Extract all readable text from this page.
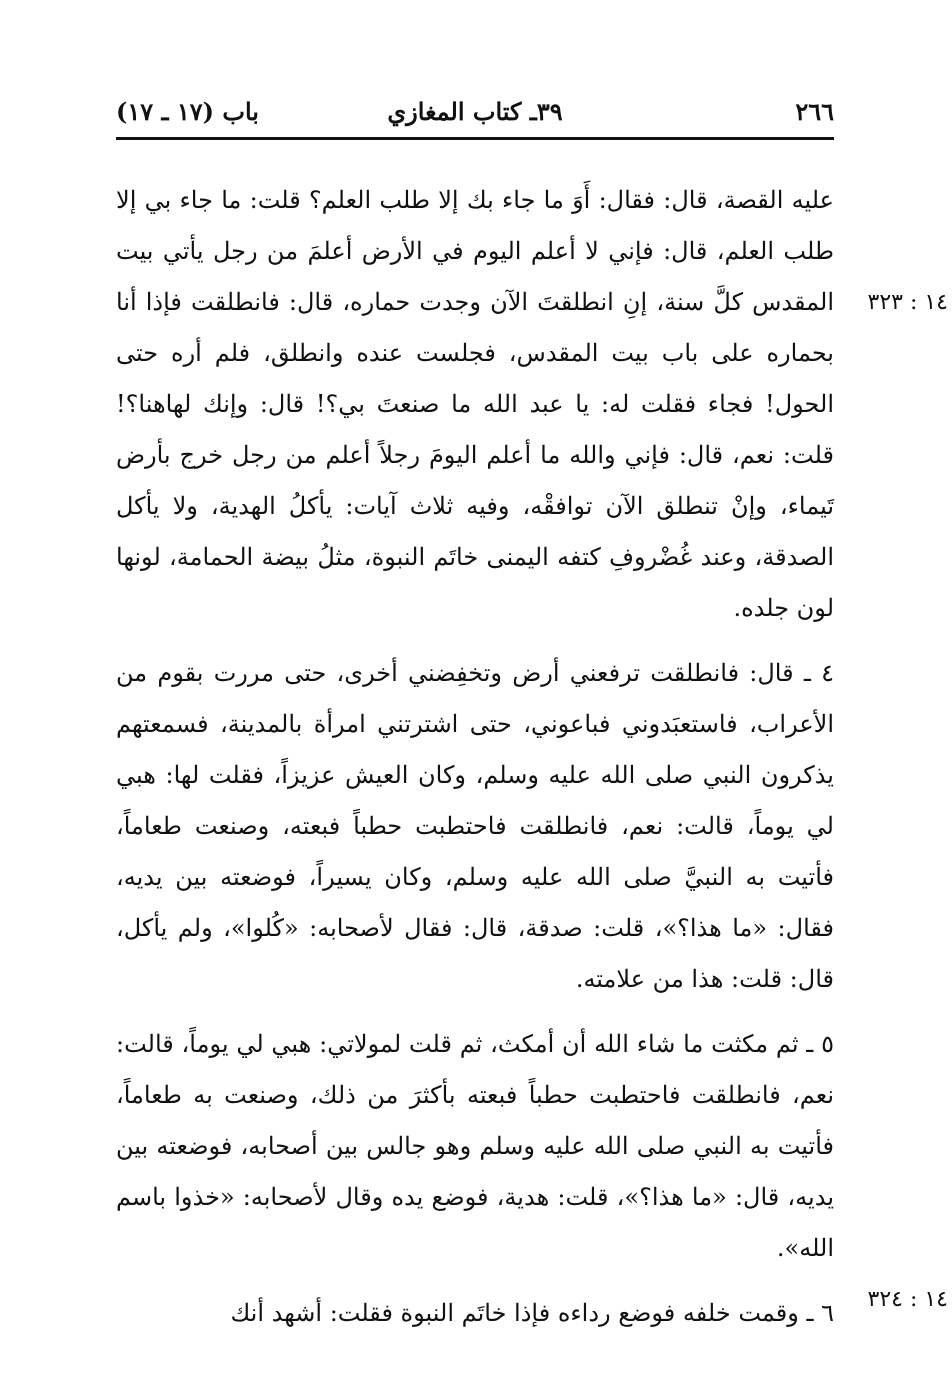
٢٦٦
٣٩ـ كتاب المغازي
باب (١٧ ـ ١٧)
١٤ : ٣٢٣
١٤ : ٣٢٤

عليه القصة، قال: فقال: أَوَ ما جاء بك إلا طلب العلم؟ قلت: ما جاء بي إلا طلب العلم، قال: فإني لا أعلم اليوم في الأرض أعلمَ من رجل يأتي بيت المقدس كلَّ سنة، إنِ انطلقتَ الآن وجدت حماره، قال: فانطلقت فإذا أنا بحماره على باب بيت المقدس، فجلست عنده وانطلق، فلم أره حتى الحول! فجاء فقلت له: يا عبد الله ما صنعتَ بي؟! قال: وإنك لهاهنا؟! قلت: نعم، قال: فإني والله ما أعلم اليومَ رجلاً أعلم من رجل خرج بأرض تَيماء، وإنْ تنطلق الآن توافقْه، وفيه ثلاث آيات: يأكلُ الهدية، ولا يأكل الصدقة، وعند غُضْروفِ كتفه اليمنى خاتَم النبوة، مثلُ بيضة الحمامة، لونها لون جلده.

٤ ـ قال: فانطلقت ترفعني أرض وتخفِضني أخرى، حتى مررت بقوم من الأعراب، فاستعبَدوني فباعوني، حتى اشترتني امرأة بالمدينة، فسمعتهم يذكرون النبي صلى الله عليه وسلم، وكان العيش عزيزاً، فقلت لها: هبي لي يوماً، قالت: نعم، فانطلقت فاحتطبت حطباً فبعته، وصنعت طعاماً، فأتيت به النبيَّ صلى الله عليه وسلم، وكان يسيراً، فوضعته بين يديه، فقال: «ما هذا؟»، قلت: صدقة، قال: فقال لأصحابه: «كُلوا»، ولم يأكل، قال: قلت: هذا من علامته.

٥ ـ ثم مكثت ما شاء الله أن أمكث، ثم قلت لمولاتي: هبي لي يوماً، قالت: نعم، فانطلقت فاحتطبت حطباً فبعته بأكثرَ من ذلك، وصنعت به طعاماً، فأتيت به النبي صلى الله عليه وسلم وهو جالس بين أصحابه، فوضعته بين يديه، قال: «ما هذا؟»، قلت: هدية، فوضع يده وقال لأصحابه: «خذوا باسم الله».

٦ ـ وقمت خلفه فوضع رداءه فإذا خاتَم النبوة فقلت: أشهد أنك
